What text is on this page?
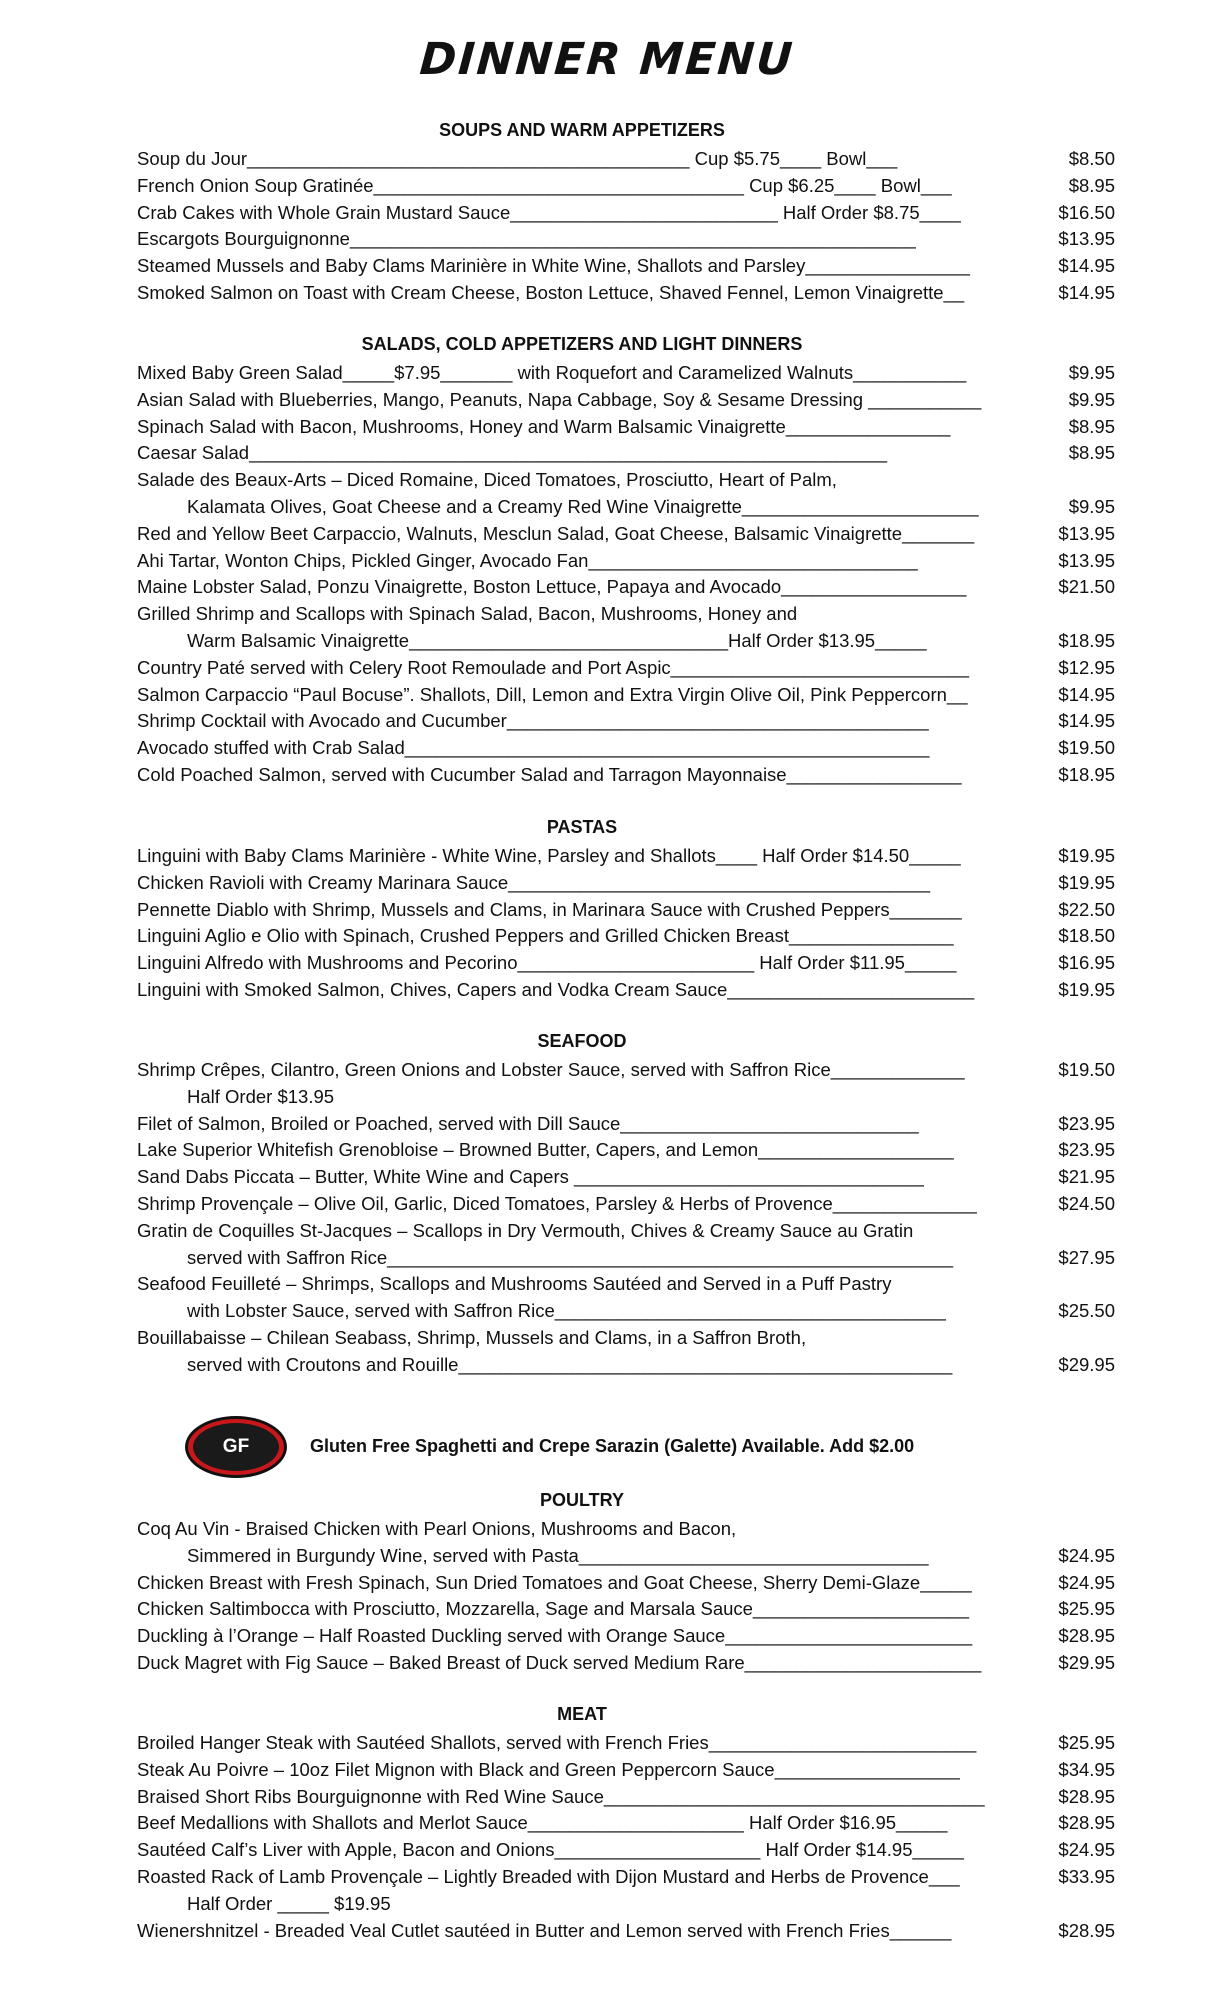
DINNER MENU
GF	Gluten Free Spaghetti and Crepe Sarazin (Galette) Available. Add $2.00
SOUPS AND WARM APPETIZERS
Soup du Jour___________________________________________ Cup $5.75____ Bowl___	$8.50
French Onion Soup Gratinée____________________________________ Cup $6.25____ Bowl___	$8.95
Crab Cakes with Whole Grain Mustard Sauce__________________________ Half Order $8.75____	$16.50
Escargots Bourguignonne_______________________________________________________	$13.95
Steamed Mussels and Baby Clams Marinière in White Wine, Shallots and Parsley________________	$14.95
Smoked Salmon on Toast with Cream Cheese, Boston Lettuce, Shaved Fennel, Lemon Vinaigrette__	$14.95
SALADS, COLD APPETIZERS AND LIGHT DINNERS
Mixed Baby Green Salad_____$7.95_______ with Roquefort and Caramelized Walnuts___________	$9.95
Asian Salad with Blueberries, Mango, Peanuts, Napa Cabbage, Soy & Sesame Dressing ___________	$9.95
Spinach Salad with Bacon, Mushrooms, Honey and Warm Balsamic Vinaigrette________________	$8.95
Caesar Salad______________________________________________________________	$8.95
Salade des Beaux-Arts – Diced Romaine, Diced Tomatoes, Prosciutto, Heart of Palm,
Kalamata Olives, Goat Cheese and a Creamy Red Wine Vinaigrette_______________________	$9.95
Red and Yellow Beet Carpaccio, Walnuts, Mesclun Salad, Goat Cheese, Balsamic Vinaigrette_______	$13.95
Ahi Tartar, Wonton Chips, Pickled Ginger, Avocado Fan________________________________	$13.95
Maine Lobster Salad, Ponzu Vinaigrette, Boston Lettuce, Papaya and Avocado__________________	$21.50
Grilled Shrimp and Scallops with Spinach Salad, Bacon, Mushrooms, Honey and
Warm Balsamic Vinaigrette_______________________________Half Order $13.95_____	$18.95
Country Paté served with Celery Root Remoulade and Port Aspic_____________________________	$12.95
Salmon Carpaccio “Paul Bocuse”. Shallots, Dill, Lemon and Extra Virgin Olive Oil, Pink Peppercorn__	$14.95
Shrimp Cocktail with Avocado and Cucumber_________________________________________	$14.95
Avocado stuffed with Crab Salad___________________________________________________	$19.50
Cold Poached Salmon, served with Cucumber Salad and Tarragon Mayonnaise_________________	$18.95
PASTAS
Linguini with Baby Clams Marinière - White Wine, Parsley and Shallots____ Half Order $14.50_____	$19.95
Chicken Ravioli with Creamy Marinara Sauce_________________________________________	$19.95
Pennette Diablo with Shrimp, Mussels and Clams, in Marinara Sauce with Crushed Peppers_______	$22.50
Linguini Aglio e Olio with Spinach, Crushed Peppers and Grilled Chicken Breast________________	$18.50
Linguini Alfredo with Mushrooms and Pecorino_______________________ Half Order $11.95_____	$16.95
Linguini with Smoked Salmon, Chives, Capers and Vodka Cream Sauce________________________	$19.95
SEAFOOD
Shrimp Crêpes, Cilantro, Green Onions and Lobster Sauce, served with Saffron Rice_____________	$19.50
Half Order $13.95
Filet of Salmon, Broiled or Poached, served with Dill Sauce_____________________________	$23.95
Lake Superior Whitefish Grenobloise – Browned Butter, Capers, and Lemon___________________	$23.95
Sand Dabs Piccata – Butter, White Wine and Capers __________________________________	$21.95
Shrimp Provençale – Olive Oil, Garlic, Diced Tomatoes, Parsley & Herbs of Provence______________	$24.50
Gratin de Coquilles St-Jacques – Scallops in Dry Vermouth, Chives & Creamy Sauce au Gratin
served with Saffron Rice_______________________________________________________	$27.95
Seafood Feuilleté – Shrimps, Scallops and Mushrooms Sautéed and Served in a Puff Pastry
with Lobster Sauce, served with Saffron Rice______________________________________	$25.50
Bouillabaisse – Chilean Seabass, Shrimp, Mussels and Clams, in a Saffron Broth,
served with Croutons and Rouille________________________________________________	$29.95
POULTRY
Coq Au Vin - Braised Chicken with Pearl Onions, Mushrooms and Bacon,
Simmered in Burgundy Wine, served with Pasta__________________________________	$24.95
Chicken Breast with Fresh Spinach, Sun Dried Tomatoes and Goat Cheese, Sherry Demi-Glaze_____	$24.95
Chicken Saltimbocca with Prosciutto, Mozzarella, Sage and Marsala Sauce_____________________	$25.95
Duckling à l’Orange – Half Roasted Duckling served with Orange Sauce________________________	$28.95
Duck Magret with Fig Sauce – Baked Breast of Duck served Medium Rare_______________________	$29.95
MEAT
Broiled Hanger Steak with Sautéed Shallots, served with French Fries__________________________	$25.95
Steak Au Poivre – 10oz Filet Mignon with Black and Green Peppercorn Sauce__________________	$34.95
Braised Short Ribs Bourguignonne with Red Wine Sauce_____________________________________	$28.95
Beef Medallions with Shallots and Merlot Sauce_____________________ Half Order $16.95_____	$28.95
Sautéed Calf’s Liver with Apple, Bacon and Onions____________________ Half Order $14.95_____	$24.95
Roasted Rack of Lamb Provençale – Lightly Breaded with Dijon Mustard and Herbs de Provence___	$33.95
Half Order _____ $19.95
Wienershnitzel - Breaded Veal Cutlet sautéed in Butter and Lemon served with French Fries______	$28.95
